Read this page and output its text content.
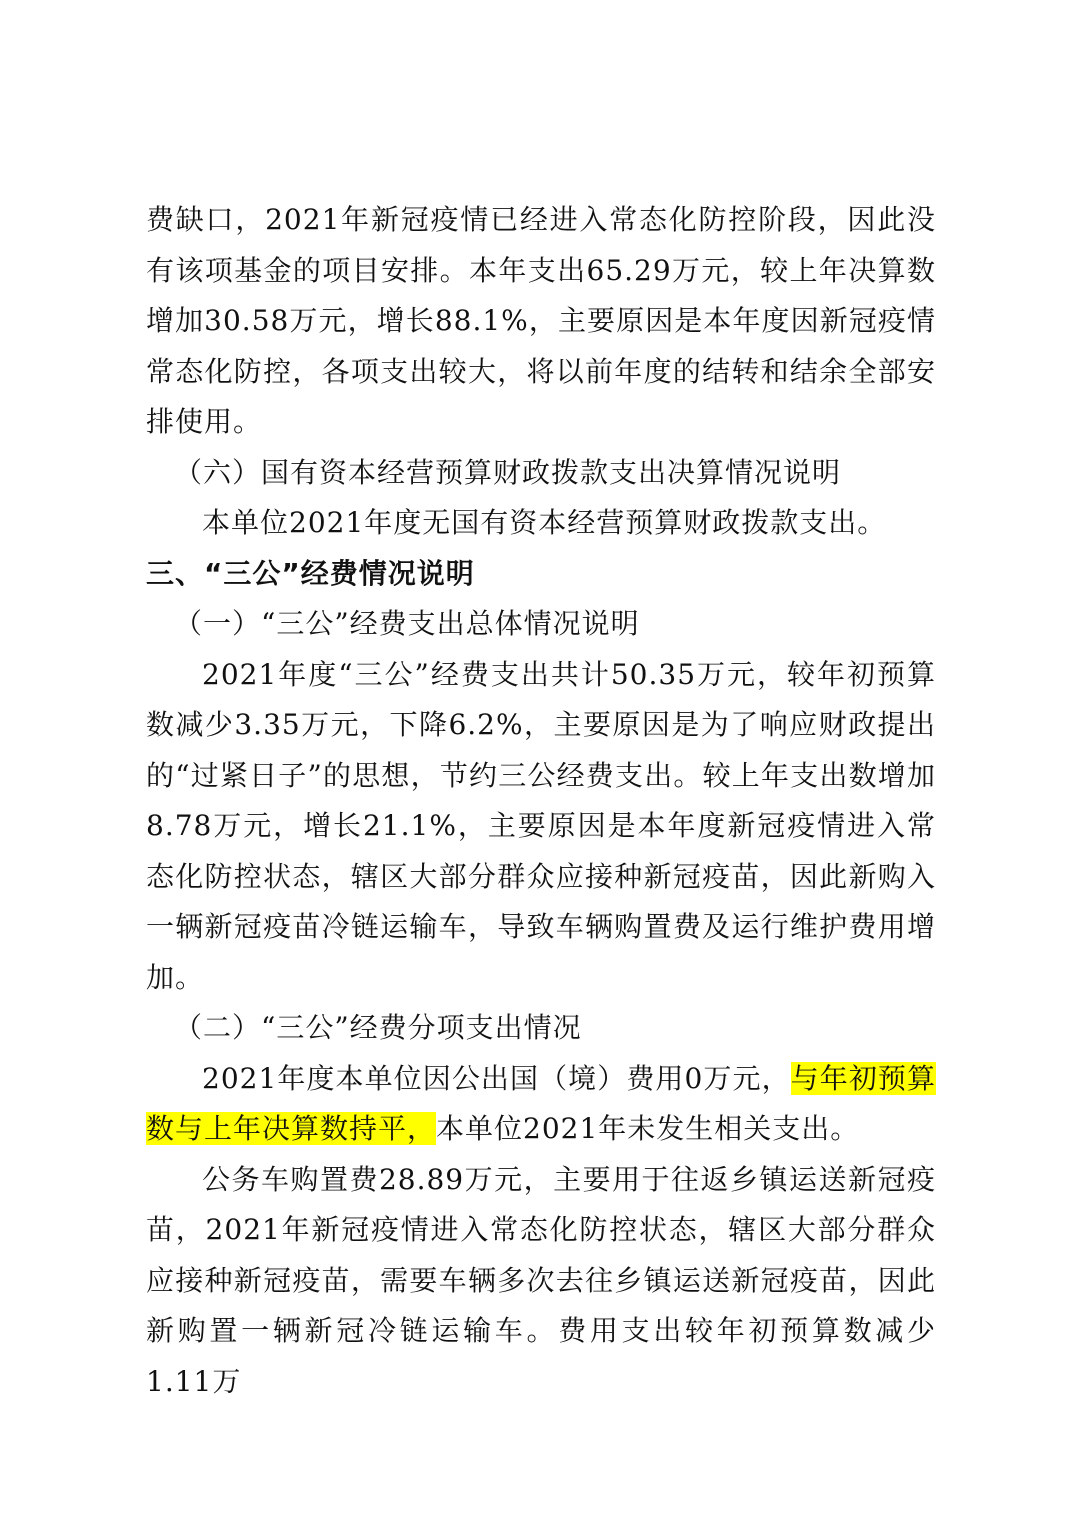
费缺口，2021年新冠疫情已经进入常态化防控阶段，因此没有该项基金的项目安排。本年支出65.29万元，较上年决算数增加30.58万元，增长88.1%，主要原因是本年度因新冠疫情常态化防控，各项支出较大，将以前年度的结转和结余全部安排使用。

（六）国有资本经营预算财政拨款支出决算情况说明

本单位2021年度无国有资本经营预算财政拨款支出。

三、“三公”经费情况说明

（一）“三公”经费支出总体情况说明

2021年度“三公”经费支出共计50.35万元，较年初预算数减少3.35万元，下降6.2%，主要原因是为了响应财政提出的“过紧日子”的思想，节约三公经费支出。较上年支出数增加8.78万元，增长21.1%，主要原因是本年度新冠疫情进入常态化防控状态，辖区大部分群众应接种新冠疫苗，因此新购入一辆新冠疫苗冷链运输车，导致车辆购置费及运行维护费用增加。

（二）“三公”经费分项支出情况

2021年度本单位因公出国（境）费用0万元，与年初预算数与上年决算数持平，本单位2021年未发生相关支出。

公务车购置费28.89万元，主要用于往返乡镇运送新冠疫苗，2021年新冠疫情进入常态化防控状态，辖区大部分群众应接种新冠疫苗，需要车辆多次去往乡镇运送新冠疫苗，因此新购置一辆新冠冷链运输车。费用支出较年初预算数减少1.11万
